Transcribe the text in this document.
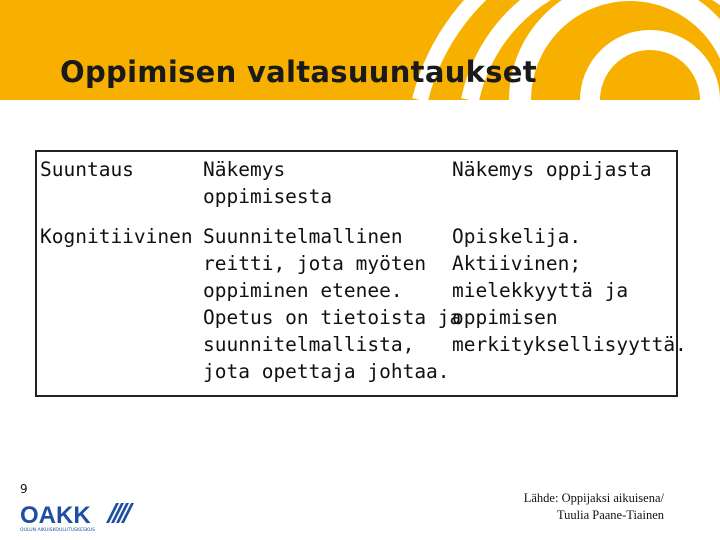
Oppimisen valtasuuntaukset
Suuntaus	Näkemys
oppimisesta
Näkemys oppijasta
Kognitiivinen Suunnitelmallinen
reitti, jota myöten
oppiminen etenee.
Opetus on tietoista ja
suunnitelmallista,
jota opettaja johtaa.
Opiskelija.
Aktiivinen;
mielekkyyttä ja
oppimisen
merkityksellisyyttä.
9
OAKK
OULUN AIKUISKOULUTUSKESKUS
Lähde: Oppijaksi aikuisena/
Tuulia Paane-Tiainen
